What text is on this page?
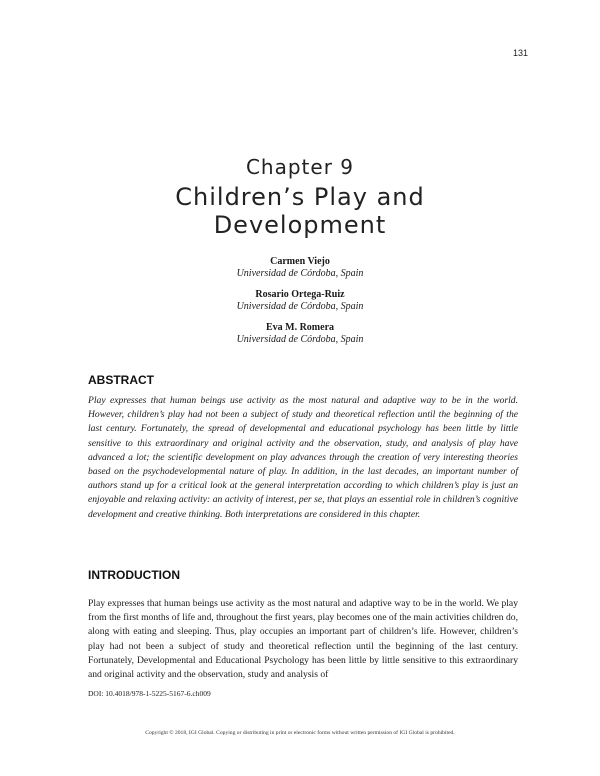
131
Chapter 9
Children’s Play and
Development
Carmen Viejo
Universidad de Córdoba, Spain
Rosario Ortega-Ruiz
Universidad de Córdoba, Spain
Eva M. Romera
Universidad de Córdoba, Spain
ABSTRACT
Play expresses that human beings use activity as the most natural and adaptive way to be in the world. However, children’s play had not been a subject of study and theoretical reflection until the beginning of the last century. Fortunately, the spread of developmental and educational psychology has been little by little sensitive to this extraordinary and original activity and the observation, study, and analysis of play have advanced a lot; the scientific development on play advances through the creation of very interesting theories based on the psychodevelopmental nature of play. In addition, in the last decades, an important number of authors stand up for a critical look at the general interpretation according to which children’s play is just an enjoyable and relaxing activity: an activity of interest, per se, that plays an essential role in children’s cognitive development and creative thinking. Both interpretations are considered in this chapter.
INTRODUCTION
Play expresses that human beings use activity as the most natural and adaptive way to be in the world. We play from the first months of life and, throughout the first years, play becomes one of the main activities children do, along with eating and sleeping. Thus, play occupies an important part of children’s life. However, children’s play had not been a subject of study and theoretical reflection until the beginning of the last century. Fortunately, Developmental and Educational Psychology has been little by little sensitive to this extraordinary and original activity and the observation, study and analysis of
DOI: 10.4018/978-1-5225-5167-6.ch009
Copyright © 2018, IGI Global. Copying or distributing in print or electronic forms without written permission of IGI Global is prohibited.
